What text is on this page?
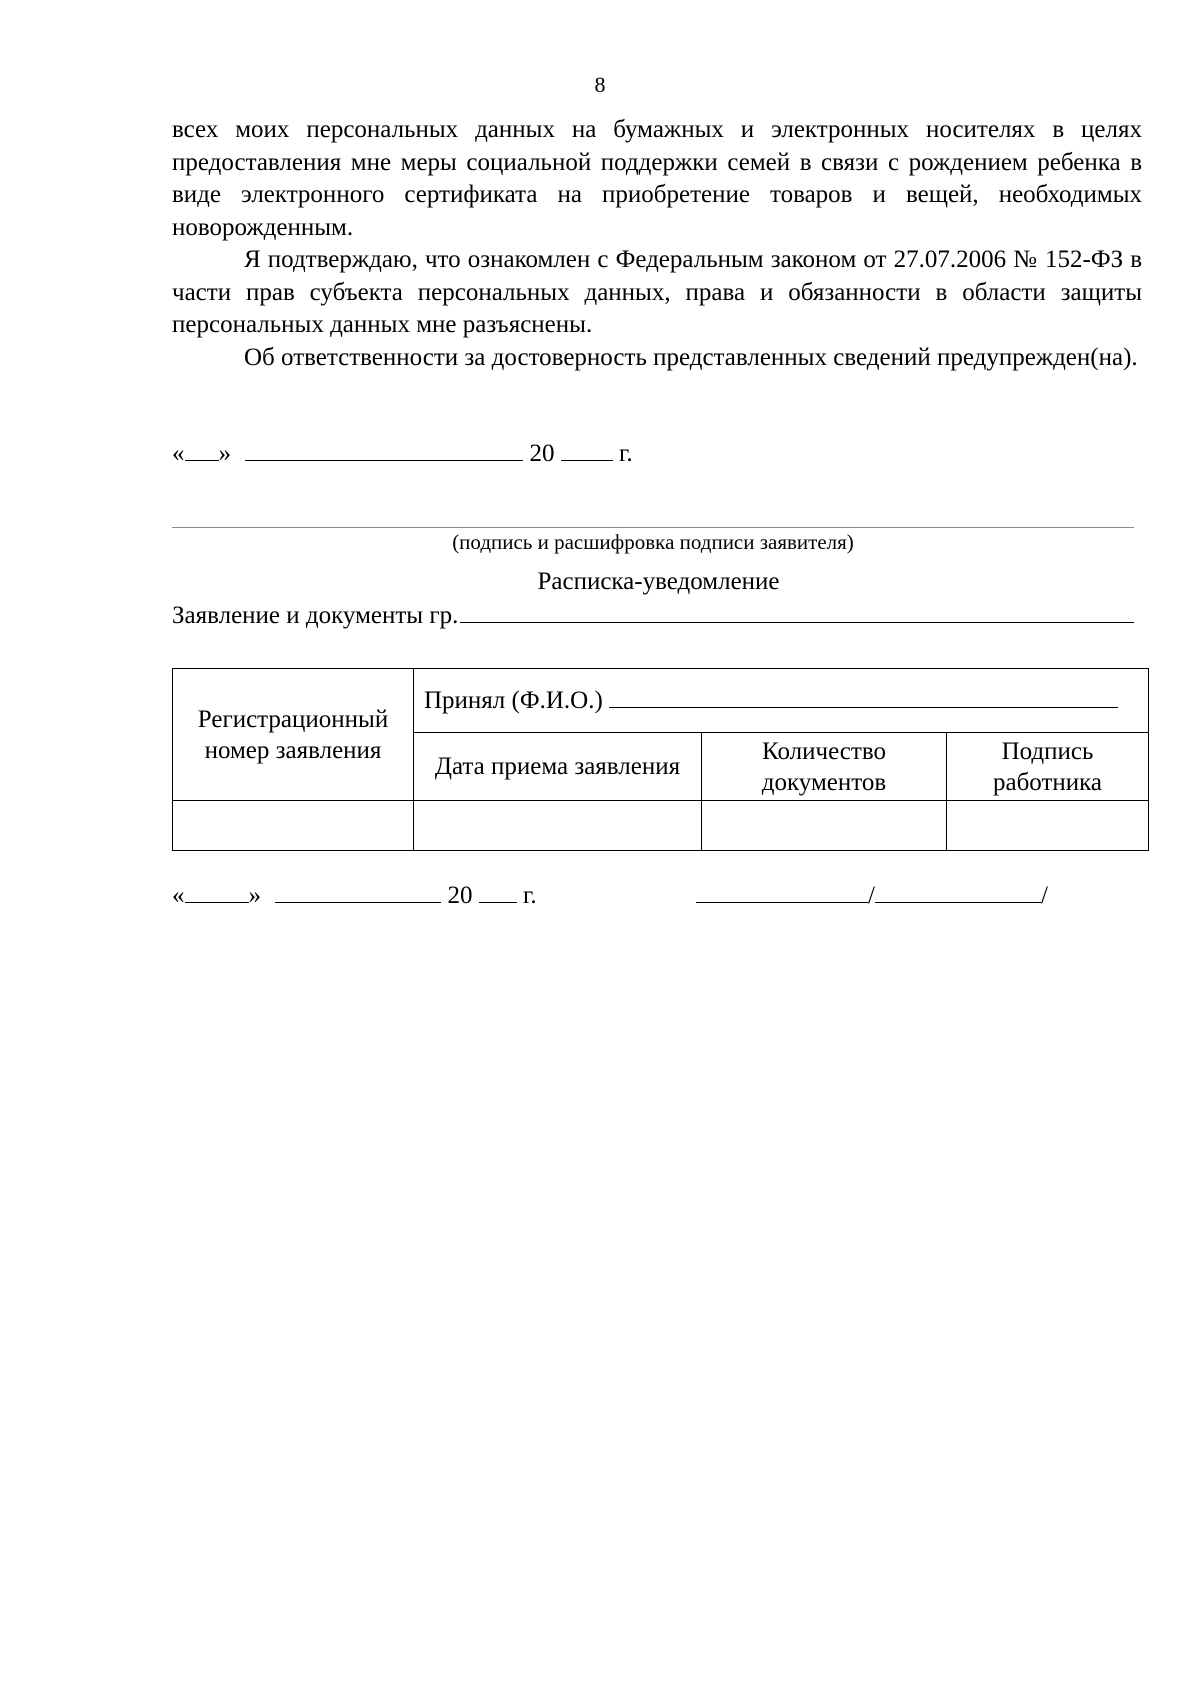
8

всех моих персональных данных на бумажных и электронных носителях в целях предоставления мне меры социальной поддержки семей в связи с рождением ребенка в виде электронного сертификата на приобретение товаров и вещей, необходимых новорожденным.

Я подтверждаю, что ознакомлен с Федеральным законом от 27.07.2006 № 152-ФЗ в части прав субъекта персональных данных, права и обязанности в области защиты персональных данных мне разъяснены.

Об ответственности за достоверность представленных сведений предупрежден(на).

« »	20	г.
(подпись и расшифровка подписи заявителя)
Расписка-уведомление
Заявление и документы гр.
Регистрационный номер заявления	Принял (Ф.И.О.)		

	Дата приема заявления	Количество документов	Подпись работника

«	»	20 г.	/	/
